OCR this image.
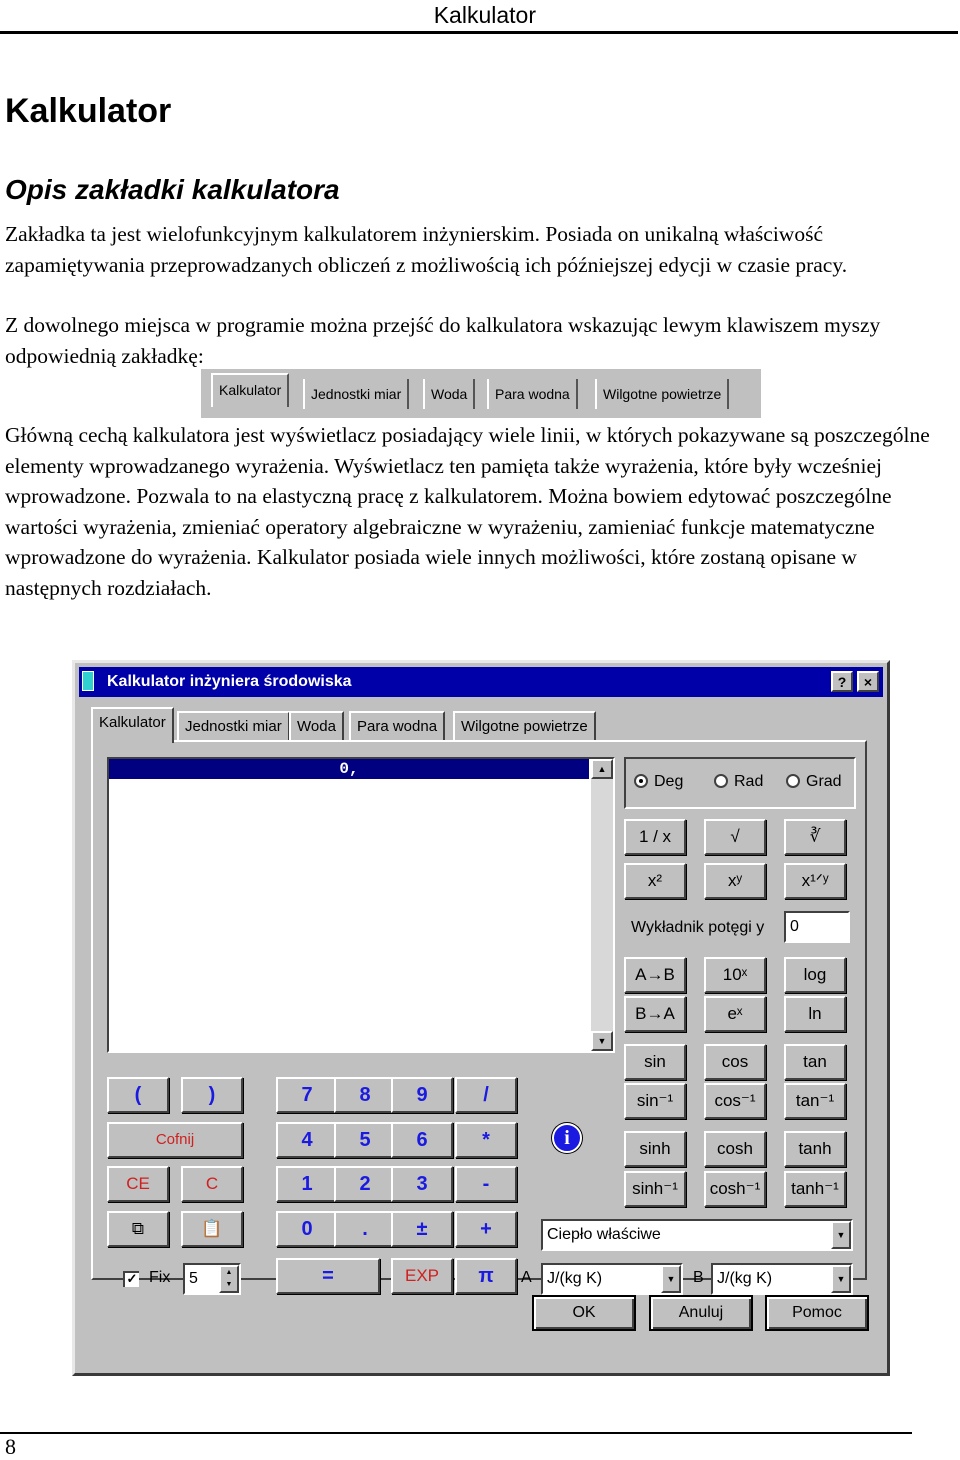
Kalkulator
Kalkulator
Opis zakładki kalkulatora
Zakładka ta jest wielofunkcyjnym kalkulatorem inżynierskim. Posiada on unikalną właściwość zapamiętywania przeprowadzanych obliczeń z możliwością ich późniejszej edycji w czasie pracy.
Z dowolnego miejsca w programie można przejść do kalkulatora wskazując lewym klawiszem myszy odpowiednią zakładkę:
Kalkulator	Jednostki miar	Woda	Para wodna	Wilgotne powietrze
Główną cechą kalkulatora jest wyświetlacz posiadający wiele linii, w których pokazywane są poszczególne elementy wprowadzanego wyrażenia. Wyświetlacz ten pamięta także wyrażenia, które były wcześniej wprowadzone. Pozwala to na elastyczną pracę z kalkulatorem. Można bowiem edytować poszczególne wartości wyrażenia, zmieniać operatory algebraiczne w wyrażeniu, zamieniać funkcje matematyczne wprowadzone do wyrażenia. Kalkulator posiada wiele innych możliwości, które zostaną opisane w następnych rozdziałach.
Kalkulator inżyniera środowiska	?	×
Kalkulator	Jednostki miar	Woda	Para wodna	Wilgotne powietrze
0,	▲
▼
Deg	Rad	Grad
1 / x	√	∛
x²	xʸ	x¹ᐟʸ
Wykładnik potęgi y	0
A→B	10ˣ	log
B→A	eˣ	ln
sin	cos	tan
sin⁻¹	cos⁻¹	tan⁻¹
sinh	cosh	tanh
sinh⁻¹	cosh⁻¹	tanh⁻¹
(	)
Cofnij
CE	C
⧉	📋
✓ Fix	5	▲
▼
7	8	9	/
4	5	6	*
1	2	3	-
0	.	±	+
=	EXP	π
i
Ciepło właściwe	▼
A J/(kg K)	▼	B J/(kg K)	▼
OK	Anuluj	Pomoc
8
